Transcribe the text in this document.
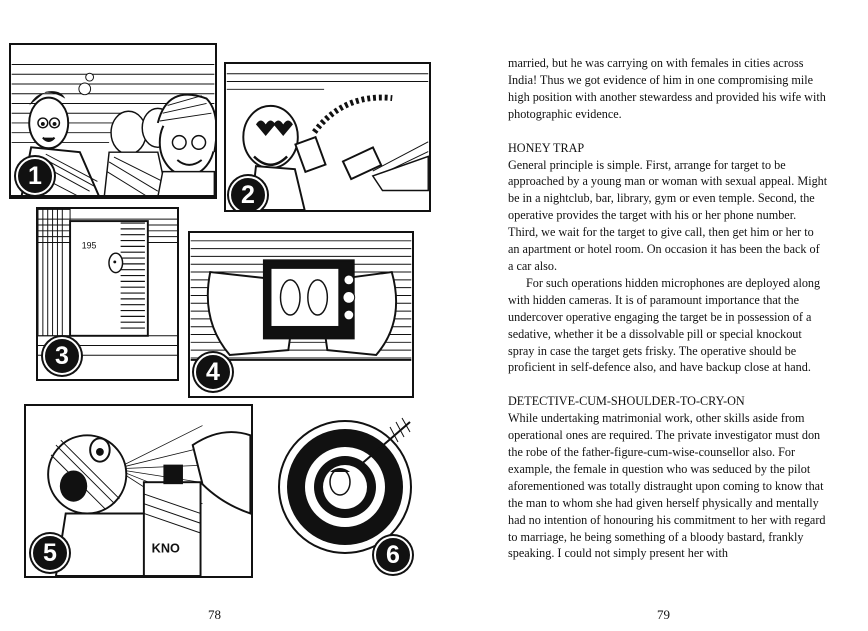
1
2
195
3
4
KNO
5	6
78

married, but he was carrying on with females in cities across India! Thus we got evidence of him in one compromising mile high position with another stewardess and provided his wife with photographic evidence.

HONEY TRAP

General principle is simple. First, arrange for target to be approached by a young man or woman with sexual appeal. Might be in a nightclub, bar, library, gym or even temple. Second, the operative provides the target with his or her phone number. Third, we wait for the target to give call, then get him or her to an apartment or hotel room. On occasion it has been the back of a car also.

For such operations hidden microphones are deployed along with hidden cameras. It is of paramount importance that the undercover operative engaging the target be in possession of a sedative, whether it be a dissolvable pill or special knockout spray in case the target gets frisky. The operative should be proficient in self-defence also, and have backup close at hand.

DETECTIVE-CUM-SHOULDER-TO-CRY-ON

While undertaking matrimonial work, other skills aside from operational ones are required. The private investigator must don the robe of the father-figure-cum-wise-counsellor also. For example, the female in question who was seduced by the pilot aforementioned was totally distraught upon coming to know that the man to whom she had given herself physically and mentally had no intention of honouring his commitment to her with regard to marriage, he being something of a bloody bastard, frankly speaking. I could not simply present her with

79
